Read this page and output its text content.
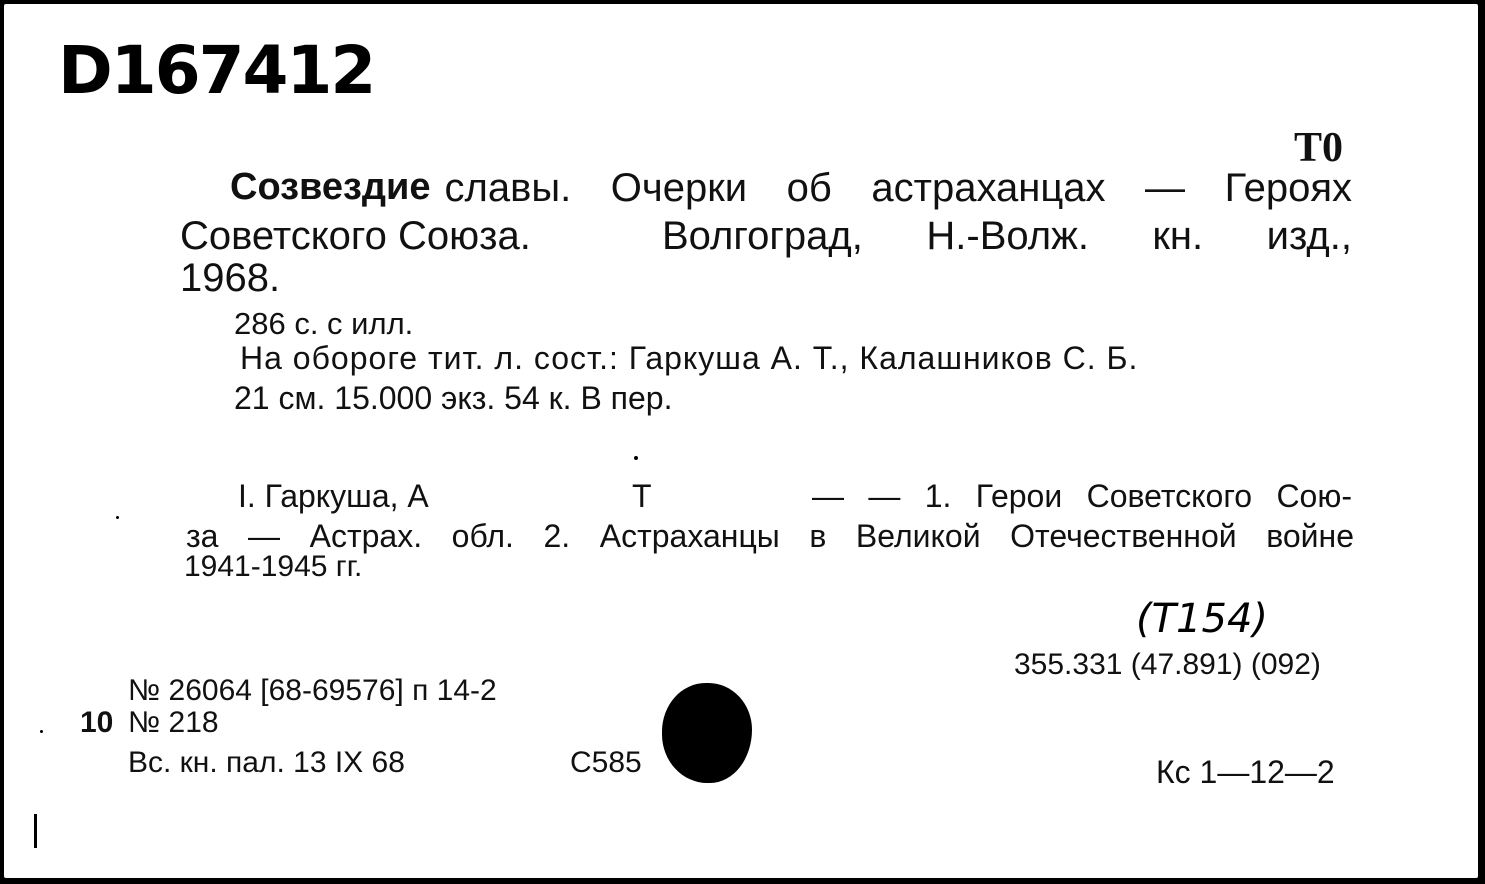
D167412
Т0
Созвездие славы. Очерки об астраханцах — Героях
Советского Союза.	Волгоград, Н.-Волж. кн. изд.,
1968.
286 с. с илл.
На обороге тит. л. сост.: Гаркуша А. Т., Калашников С. Б.
21 см. 15.000 экз. 54 к. В пер.
I. Гаркуша, А	Т	— — 1. Герои Советского Сою-
за — Астрах. обл. 2. Астраханцы в Великой Отечественной войне
1941-1945 гг.
(Т154)
355.331 (47.891) (092)
№ 26064 [68-69576] п 14-2
10 № 218
Вс. кн. пал. 13 IX 68	С585	Кс 1—12—2
